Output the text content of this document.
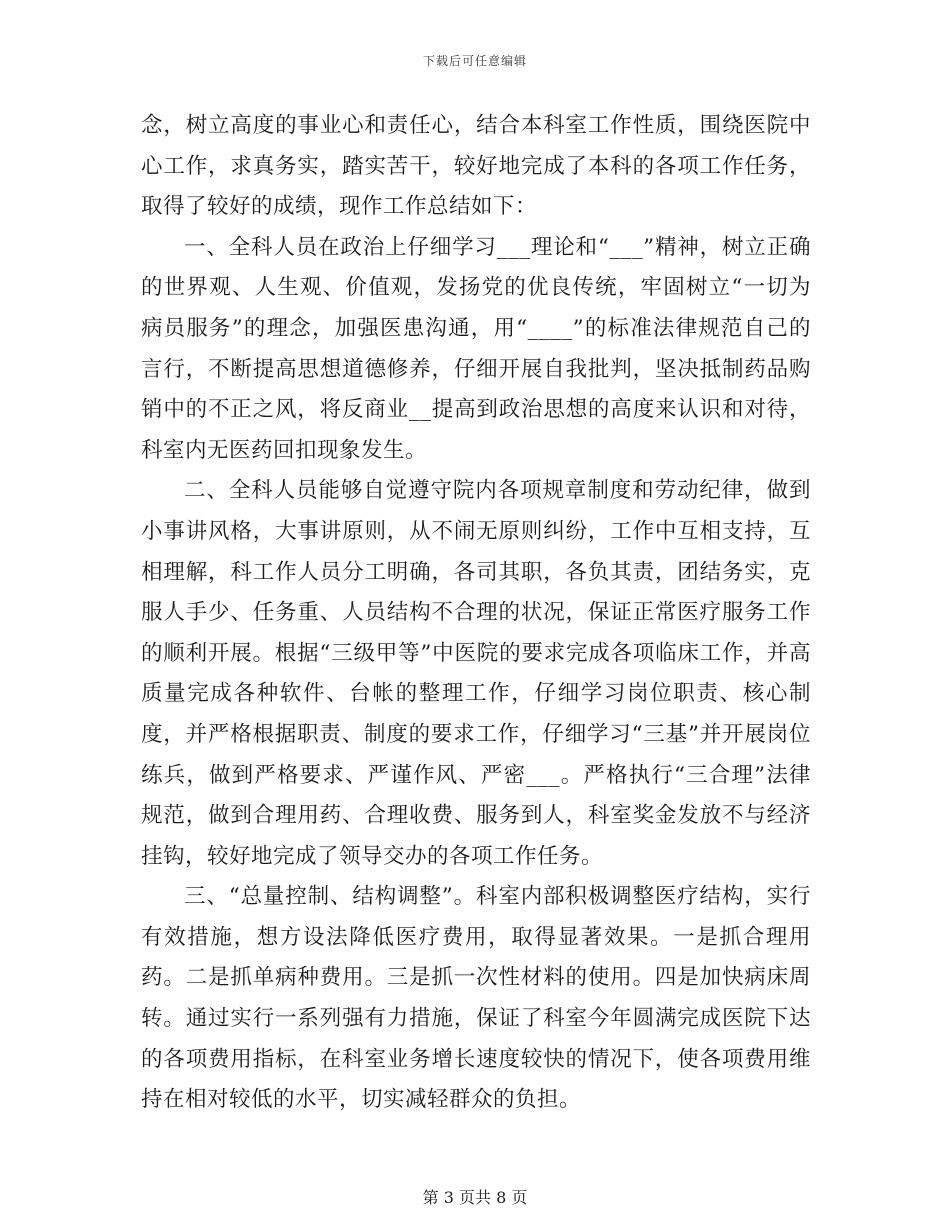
下载后可任意编辑

念，树立高度的事业心和责任心，结合本科室工作性质，围绕医院中心工作，求真务实，踏实苦干，较好地完成了本科的各项工作任务，取得了较好的成绩，现作工作总结如下：

一、全科人员在政治上仔细学习___理论和“___”精神，树立正确的世界观、人生观、价值观，发扬党的优良传统，牢固树立“一切为病员服务”的理念，加强医患沟通，用“____”的标准法律规范自己的言行，不断提高思想道德修养，仔细开展自我批判，坚决抵制药品购销中的不正之风，将反商业__提高到政治思想的高度来认识和对待，科室内无医药回扣现象发生。

二、全科人员能够自觉遵守院内各项规章制度和劳动纪律，做到小事讲风格，大事讲原则，从不闹无原则纠纷，工作中互相支持，互相理解，科工作人员分工明确，各司其职，各负其责，团结务实，克服人手少、任务重、人员结构不合理的状况，保证正常医疗服务工作的顺利开展。根据“三级甲等”中医院的要求完成各项临床工作，并高质量完成各种软件、台帐的整理工作，仔细学习岗位职责、核心制度，并严格根据职责、制度的要求工作，仔细学习“三基”并开展岗位练兵，做到严格要求、严谨作风、严密___。严格执行“三合理”法律规范，做到合理用药、合理收费、服务到人，科室奖金发放不与经济挂钩，较好地完成了领导交办的各项工作任务。

三、“总量控制、结构调整”。科室内部积极调整医疗结构，实行有效措施，想方设法降低医疗费用，取得显著效果。一是抓合理用药。二是抓单病种费用。三是抓一次性材料的使用。四是加快病床周转。通过实行一系列强有力措施，保证了科室今年圆满完成医院下达的各项费用指标，在科室业务增长速度较快的情况下，使各项费用维持在相对较低的水平，切实减轻群众的负担。

第 3 页共 8 页
